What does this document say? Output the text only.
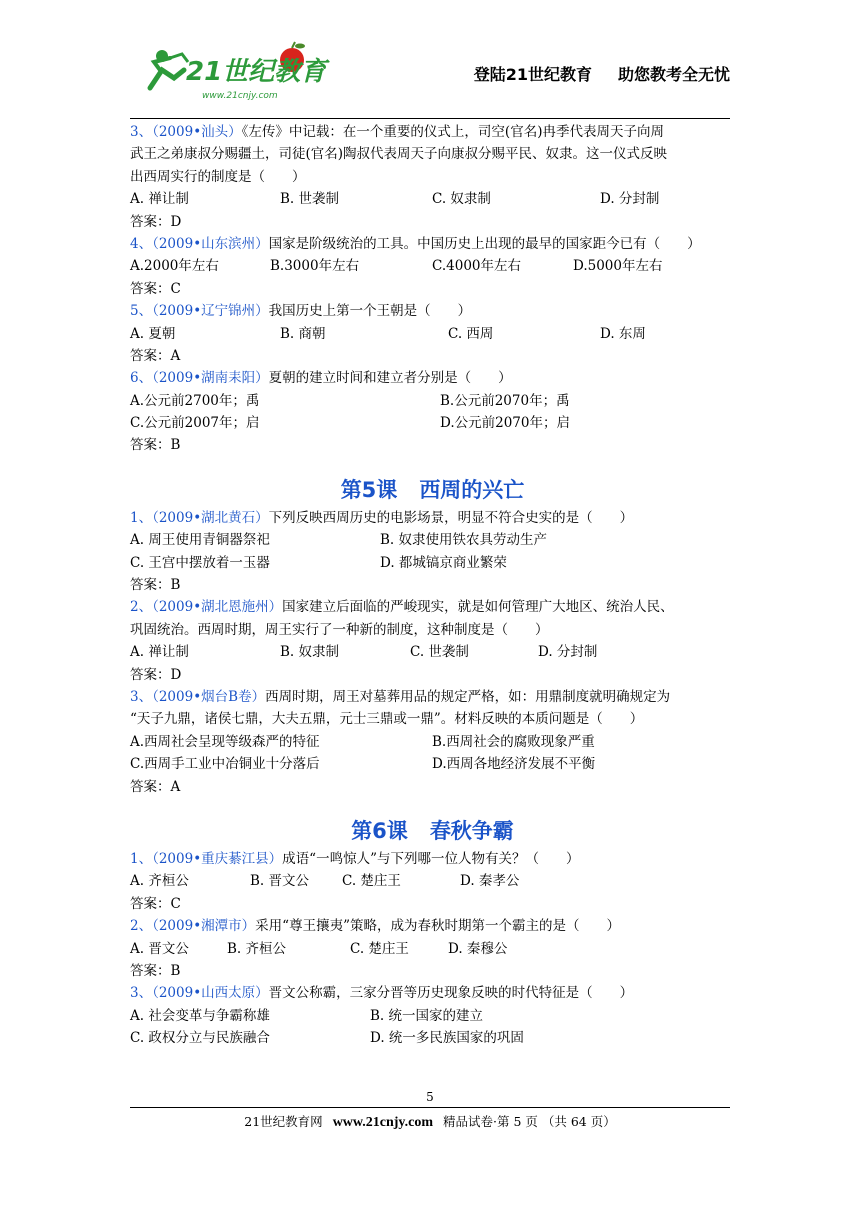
21世纪教育
www.21cnjy.com
登陆21世纪教育 助您教考全无忧
3、（2009•汕头）《左传》中记载：在一个重要的仪式上，司空(官名)冉季代表周天子向周
武王之弟康叔分赐疆土，司徒(官名)陶叔代表周天子向康叔分赐平民、奴隶。这一仪式反映
出西周实行的制度是（　　）
A. 禅让制	B. 世袭制	C. 奴隶制	D. 分封制
答案：D
4、（2009•山东滨州）国家是阶级统治的工具。中国历史上出现的最早的国家距今已有（　　）
A.2000年左右	B.3000年左右	C.4000年左右	D.5000年左右
答案：C
5、（2009•辽宁锦州）我国历史上第一个王朝是（　　）
A. 夏朝	B. 商朝	C. 西周	D. 东周
答案：A
6、（2009•湖南耒阳）夏朝的建立时间和建立者分别是（　　）
A.公元前2700年；禹	B.公元前2070年；禹
C.公元前2007年；启	D.公元前2070年；启
答案：B
第5课 西周的兴亡
1、（2009•湖北黄石）下列反映西周历史的电影场景，明显不符合史实的是（　　）
A. 周王使用青铜器祭祀	B. 奴隶使用铁农具劳动生产
C. 王宫中摆放着一玉器	D. 都城镐京商业繁荣
答案：B
2、（2009•湖北恩施州）国家建立后面临的严峻现实，就是如何管理广大地区、统治人民、
巩固统治。西周时期，周王实行了一种新的制度，这种制度是（　　）
A. 禅让制	B. 奴隶制	C. 世袭制	D. 分封制
答案：D
3、（2009•烟台B卷）西周时期，周王对墓葬用品的规定严格，如：用鼎制度就明确规定为
“天子九鼎，诸侯七鼎，大夫五鼎，元士三鼎或一鼎”。材料反映的本质问题是（　　）
A.西周社会呈现等级森严的特征	B.西周社会的腐败现象严重
C.西周手工业中冶铜业十分落后	D.西周各地经济发展不平衡
答案：A
第6课 春秋争霸
1、（2009•重庆綦江县）成语“一鸣惊人”与下列哪一位人物有关？（　　）
A. 齐桓公	B. 晋文公 C. 楚庄王	D. 秦孝公
答案：C
2、（2009•湘潭市）采用“尊王攘夷”策略，成为春秋时期第一个霸主的是（　　）
A. 晋文公	B. 齐桓公	C. 楚庄王	D. 秦穆公
答案：B
3、（2009•山西太原）晋文公称霸，三家分晋等历史现象反映的时代特征是（　　）
A. 社会变革与争霸称雄	B. 统一国家的建立
C. 政权分立与民族融合	D. 统一多民族国家的巩固
5
21世纪教育网 www.21cnjy.com 精品试卷·第 5 页 （共 64 页）
